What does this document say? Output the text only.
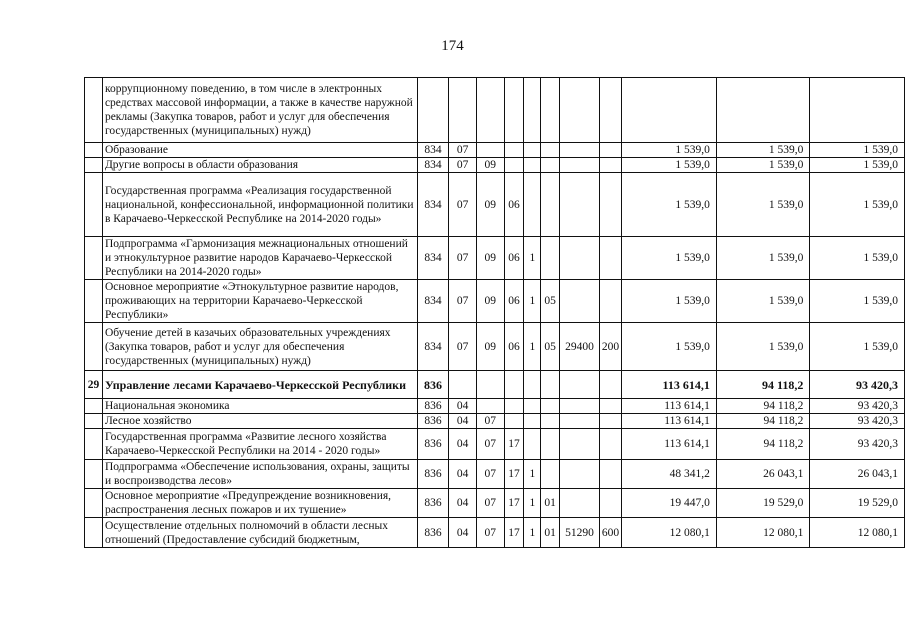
174
	коррупционному поведению, в том числе в электронных средствах массовой информации, а также в качестве наружной рекламы (Закупка товаров, работ и услуг для обеспечения государственных (муниципальных) нужд)											
	Образование	834	07							1 539,0	1 539,0	1 539,0
	Другие вопросы в области образования	834	07	09						1 539,0	1 539,0	1 539,0
	Государственная программа «Реализация государственной национальной, конфессиональной, информационной политики в Карачаево-Черкесской Республике на 2014-2020 годы»	834	07	09	06					1 539,0	1 539,0	1 539,0
	Подпрограмма «Гармонизация межнациональных отношений и этнокультурное развитие народов Карачаево-Черкесской Республики на 2014-2020 годы»	834	07	09	06	1				1 539,0	1 539,0	1 539,0
	Основное мероприятие «Этнокультурное развитие народов, проживающих на территории Карачаево-Черкесской Республики»	834	07	09	06	1	05			1 539,0	1 539,0	1 539,0
	Обучение детей в казачьих образовательных учреждениях (Закупка товаров, работ и услуг для обеспечения государственных (муниципальных) нужд)	834	07	09	06	1	05	29400	200	1 539,0	1 539,0	1 539,0
29	Управление лесами Карачаево-Черкесской Республики	836								113 614,1	94 118,2	93 420,3
	Национальная экономика	836	04							113 614,1	94 118,2	93 420,3
	Лесное хозяйство	836	04	07						113 614,1	94 118,2	93 420,3
	Государственная программа «Развитие лесного хозяйства Карачаево-Черкесской Республики на 2014 - 2020 годы»	836	04	07	17					113 614,1	94 118,2	93 420,3
	Подпрограмма «Обеспечение использования, охраны, защиты и воспроизводства лесов»	836	04	07	17	1				48 341,2	26 043,1	26 043,1
	Основное мероприятие «Предупреждение возникновения, распространения лесных пожаров и их тушение»	836	04	07	17	1	01			19 447,0	19 529,0	19 529,0
	Осуществление отдельных полномочий в области лесных отношений (Предоставление субсидий бюджетным,	836	04	07	17	1	01	51290	600	12 080,1	12 080,1	12 080,1
